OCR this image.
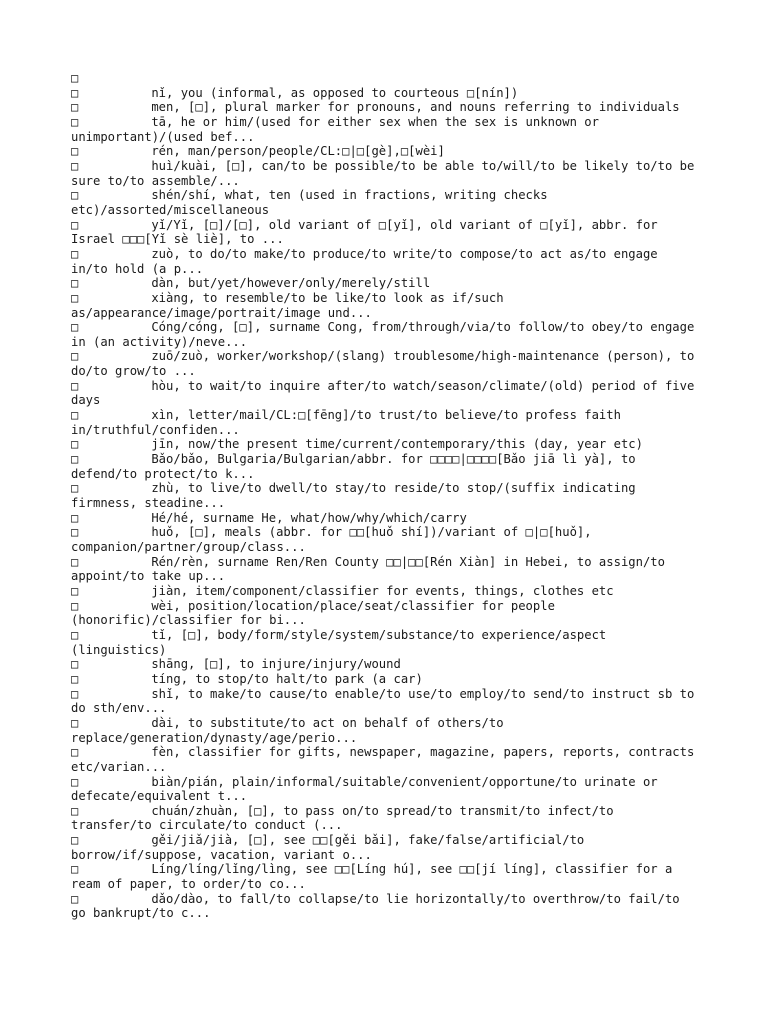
□
□	nǐ, you (informal, as opposed to courteous □[nín])
□	men, [□], plural marker for pronouns, and nouns referring to individuals
□	tā, he or him/(used for either sex when the sex is unknown or unimportant)/(used bef...
□	rén, man/person/people/CL:□|□[gè],□[wèi]
□	huì/kuài, [□], can/to be possible/to be able to/will/to be likely to/to be sure to/to assemble/...
□	shén/shí, what, ten (used in fractions, writing checks etc)/assorted/miscellaneous
□	yǐ/Yǐ, [□]/[□], old variant of □[yǐ], old variant of □[yǐ], abbr. for Israel □□□[Yǐ sè liè], to ...
□	zuò, to do/to make/to produce/to write/to compose/to act as/to engage in/to hold (a p...
□	dàn, but/yet/however/only/merely/still
□	xiàng, to resemble/to be like/to look as if/such as/appearance/image/portrait/image und...
□	Cóng/cóng, [□], surname Cong, from/through/via/to follow/to obey/to engage in (an activity)/neve...
□	zuō/zuò, worker/workshop/(slang) troublesome/high-maintenance (person), to do/to grow/to ...
□	hòu, to wait/to inquire after/to watch/season/climate/(old) period of five days
□	xìn, letter/mail/CL:□[fēng]/to trust/to believe/to profess faith in/truthful/confiden...
□	jīn, now/the present time/current/contemporary/this (day, year etc)
□	Bǎo/bǎo, Bulgaria/Bulgarian/abbr. for □□□□|□□□□[Bǎo jiā lì yà], to defend/to protect/to k...
□	zhù, to live/to dwell/to stay/to reside/to stop/(suffix indicating firmness, steadine...
□	Hé/hé, surname He, what/how/why/which/carry
□	huǒ, [□], meals (abbr. for □□[huǒ shí])/variant of □|□[huǒ], companion/partner/group/class...
□	Rén/rèn, surname Ren/Ren County □□|□□[Rén Xiàn] in Hebei, to assign/to appoint/to take up...
□	jiàn, item/component/classifier for events, things, clothes etc
□	wèi, position/location/place/seat/classifier for people (honorific)/classifier for bi...
□	tǐ, [□], body/form/style/system/substance/to experience/aspect (linguistics)
□	shāng, [□], to injure/injury/wound
□	tíng, to stop/to halt/to park (a car)
□	shǐ, to make/to cause/to enable/to use/to employ/to send/to instruct sb to do sth/env...
□	dài, to substitute/to act on behalf of others/to replace/generation/dynasty/age/perio...
□	fèn, classifier for gifts, newspaper, magazine, papers, reports, contracts etc/varian...
□	biàn/pián, plain/informal/suitable/convenient/opportune/to urinate or defecate/equivalent t...
□	chuán/zhuàn, [□], to pass on/to spread/to transmit/to infect/to transfer/to circulate/to conduct (...
□	gěi/jiǎ/jià, [□], see □□[gěi bǎi], fake/false/artificial/to borrow/if/suppose, vacation, variant o...
□	Líng/líng/lǐng/lìng, see □□[Líng hú], see □□[jí líng], classifier for a ream of paper, to order/to co...
□	dǎo/dào, to fall/to collapse/to lie horizontally/to overthrow/to fail/to go bankrupt/to c...
